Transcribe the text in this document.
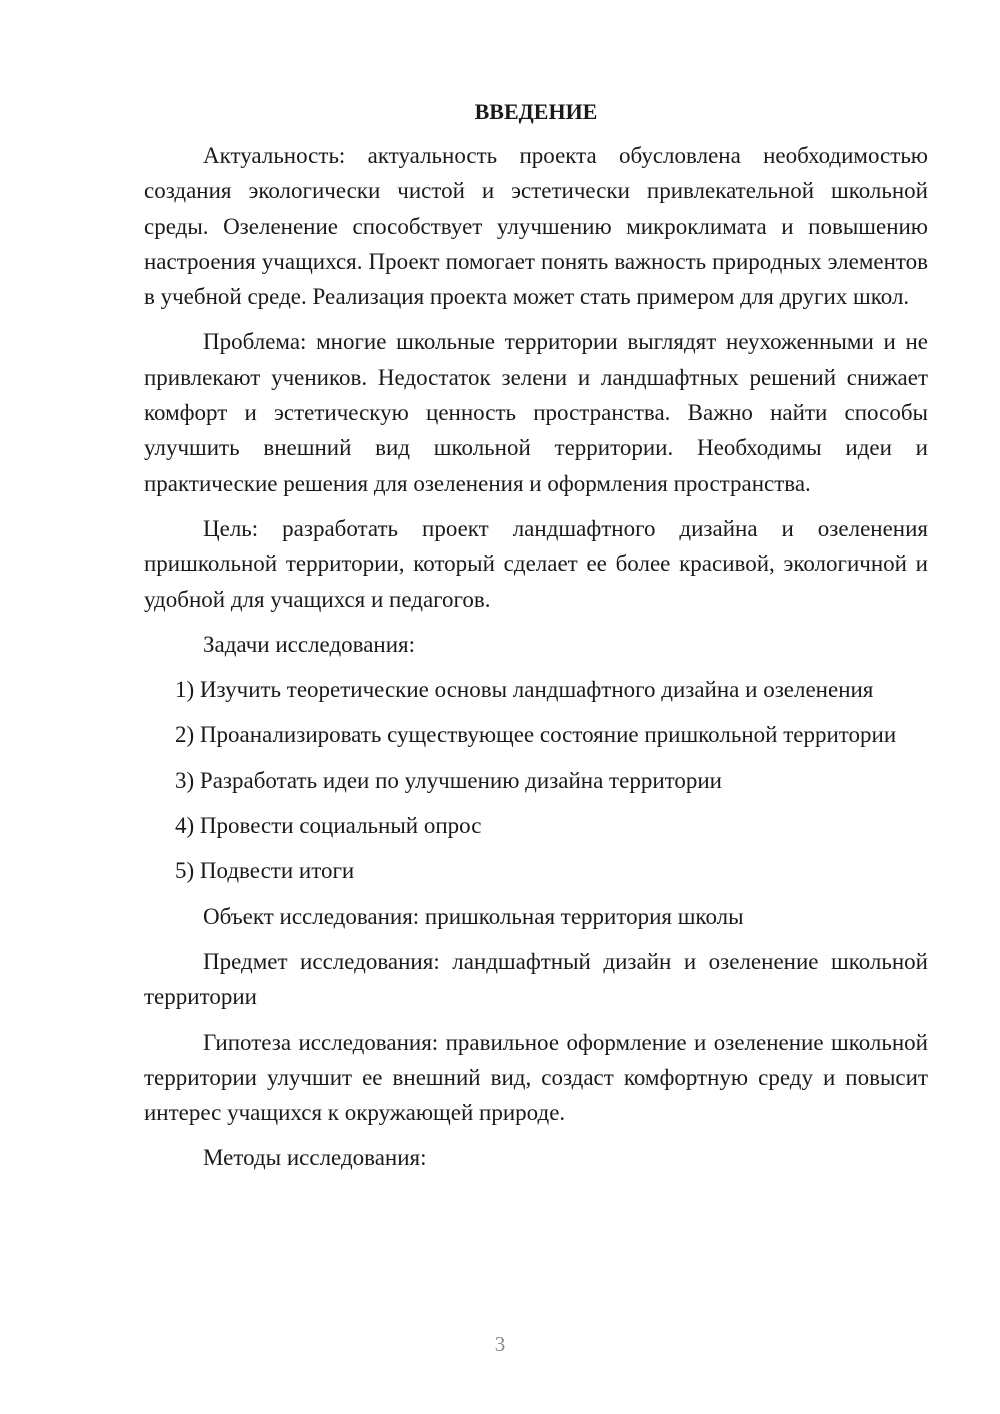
ВВЕДЕНИЕ

Актуальность: актуальность проекта обусловлена необходимостью создания экологически чистой и эстетически привлекательной школьной среды. Озеленение способствует улучшению микроклимата и повышению настроения учащихся. Проект помогает понять важность природных элементов в учебной среде. Реализация проекта может стать примером для других школ.

Проблема: многие школьные территории выглядят неухоженными и не привлекают учеников. Недостаток зелени и ландшафтных решений снижает комфорт и эстетическую ценность пространства. Важно найти способы улучшить внешний вид школьной территории. Необходимы идеи и практические решения для озеленения и оформления пространства.

Цель: разработать проект ландшафтного дизайна и озеленения пришкольной территории, который сделает ее более красивой, экологичной и удобной для учащихся и педагогов.

Задачи исследования:

1) Изучить теоретические основы ландшафтного дизайна и озеленения

2) Проанализировать существующее состояние пришкольной территории

3) Разработать идеи по улучшению дизайна территории

4) Провести социальный опрос

5) Подвести итоги

Объект исследования: пришкольная территория школы

Предмет исследования: ландшафтный дизайн и озеленение школьной территории

Гипотеза исследования: правильное оформление и озеленение школьной территории улучшит ее внешний вид, создаст комфортную среду и повысит интерес учащихся к окружающей природе.

Методы исследования:

3
